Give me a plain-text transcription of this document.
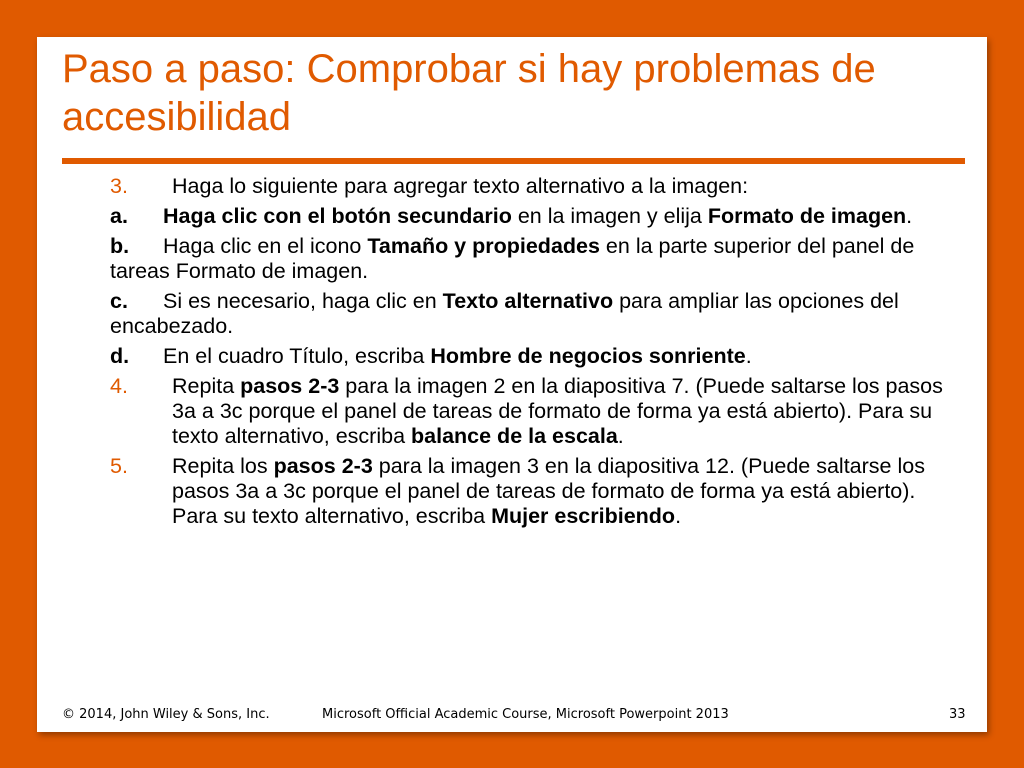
Paso a paso: Comprobar si hay problemas de accesibilidad
3. Haga lo siguiente para agregar texto alternativo a la imagen:
a. Haga clic con el botón secundario en la imagen y elija Formato de imagen.
b. Haga clic en el icono Tamaño y propiedades en la parte superior del panel de tareas Formato de imagen.
c. Si es necesario, haga clic en Texto alternativo para ampliar las opciones del encabezado.
d. En el cuadro Título, escriba Hombre de negocios sonriente.
4. Repita pasos 2-3 para la imagen 2 en la diapositiva 7. (Puede saltarse los pasos 3a a 3c porque el panel de tareas de formato de forma ya está abierto). Para su texto alternativo, escriba balance de la escala.
5. Repita los pasos 2-3 para la imagen 3 en la diapositiva 12. (Puede saltarse los pasos 3a a 3c porque el panel de tareas de formato de forma ya está abierto). Para su texto alternativo, escriba Mujer escribiendo.
© 2014, John Wiley & Sons, Inc.	Microsoft Official Academic Course, Microsoft Powerpoint 2013	33
